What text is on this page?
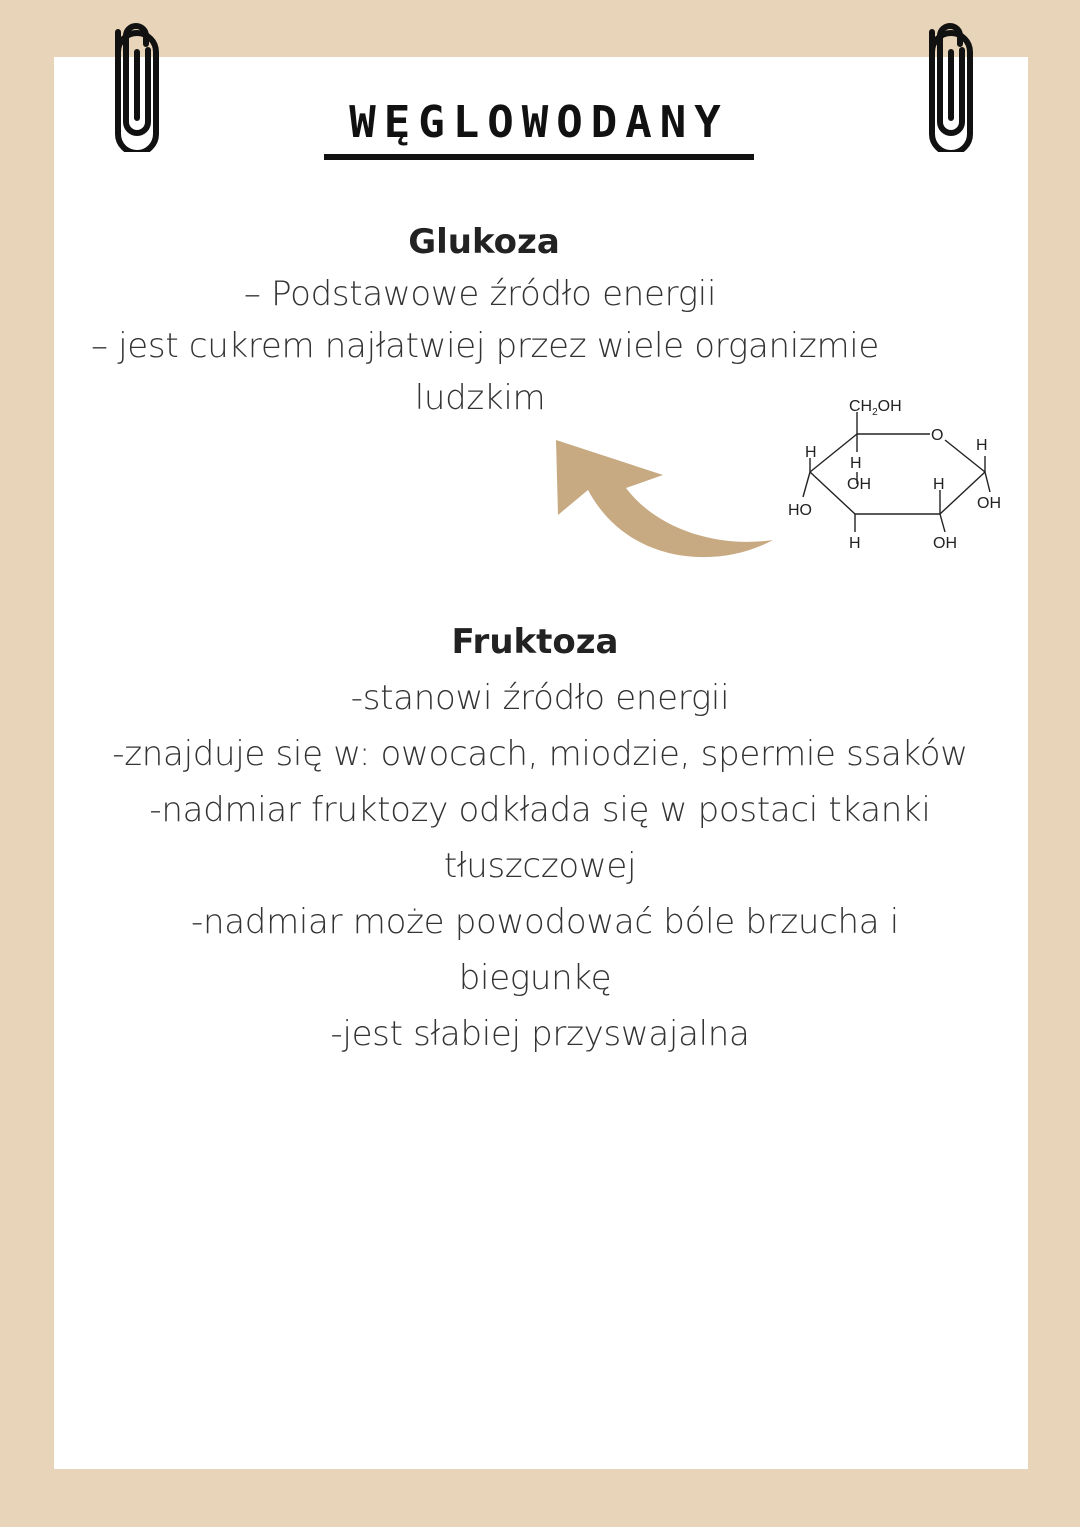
WĘGLOWODANY
Glukoza
– Podstawowe źródło energii
– jest cukrem najłatwiej przez wiele organizmie
ludzkim	$CH_2OH$
O
H
H
H
OH	H
OH
HO
H	OH
Fruktoza
-stanowi źródło energii
-znajduje się w: owocach, miodzie, spermie ssaków
-nadmiar fruktozy odkłada się w postaci tkanki
tłuszczowej
-nadmiar może powodować bóle brzucha i
biegunkę
-jest słabiej przyswajalna
